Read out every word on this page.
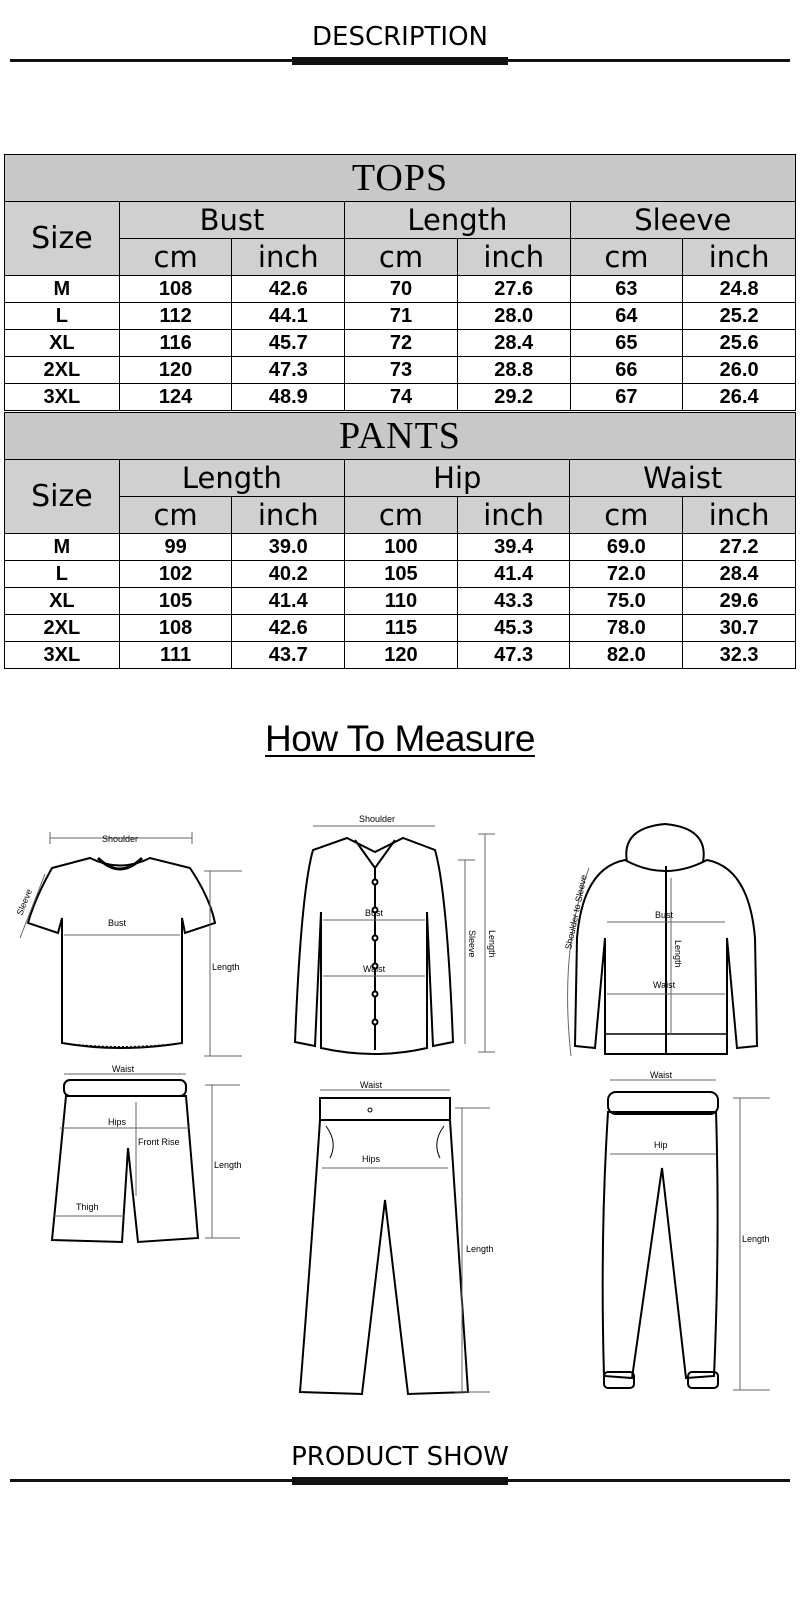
DESCRIPTION
TOPS						
Size	Bust		Length		Sleeve	
	cm	inch	cm	inch	cm	inch
M	108	42.6	70	27.6	63	24.8
L	112	44.1	71	28.0	64	25.2
XL	116	45.7	72	28.4	65	25.6
2XL	120	47.3	73	28.8	66	26.0
3XL	124	48.9	74	29.2	67	26.4
PANTS						
Size	Length		Hip		Waist	
	cm	inch	cm	inch	cm	inch
M	99	39.0	100	39.4	69.0	27.2
L	102	40.2	105	41.4	72.0	28.4
XL	105	41.4	110	43.3	75.0	29.6
2XL	108	42.6	115	45.3	78.0	30.7
3XL	111	43.7	120	47.3	82.0	32.3
How To Measure
Shoulder
Bust
Length
Sleeve
Waist
Hips
Front Rise
Thigh
Length
Shoulder
Bust
Waist
Sleeve Length
Waist
Hips
Length
Bust
Length
Waist
Shoulder to Sleeve
Waist
Hip
Length
PRODUCT SHOW
